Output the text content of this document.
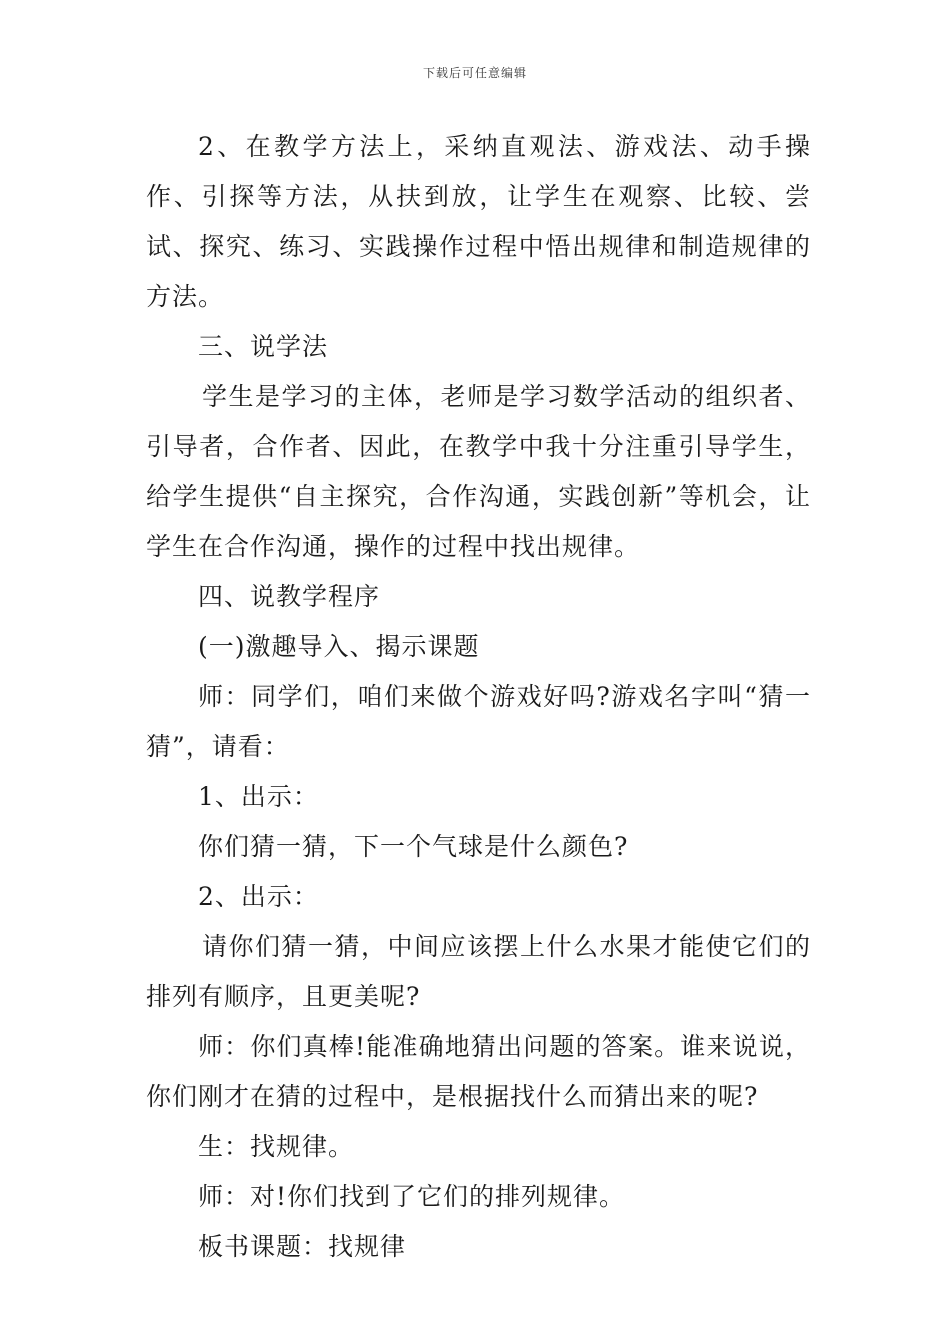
下载后可任意编辑

2、在教学方法上，采纳直观法、游戏法、动手操作、引探等方法，从扶到放，让学生在观察、比较、尝试、探究、练习、实践操作过程中悟出规律和制造规律的方法。

三、说学法

学生是学习的主体，老师是学习数学活动的组织者、引导者，合作者、因此，在教学中我十分注重引导学生，给学生提供“自主探究，合作沟通，实践创新”等机会，让学生在合作沟通，操作的过程中找出规律。

四、说教学程序

(一)激趣导入、揭示课题

师：同学们，咱们来做个游戏好吗?游戏名字叫“猜一猜”，请看：

1、出示：

你们猜一猜，下一个气球是什么颜色?

2、出示：

请你们猜一猜，中间应该摆上什么水果才能使它们的排列有顺序，且更美呢?

师：你们真棒!能准确地猜出问题的答案。谁来说说，你们刚才在猜的过程中，是根据找什么而猜出来的呢?

生：找规律。

师：对!你们找到了它们的排列规律。

板书课题：找规律
